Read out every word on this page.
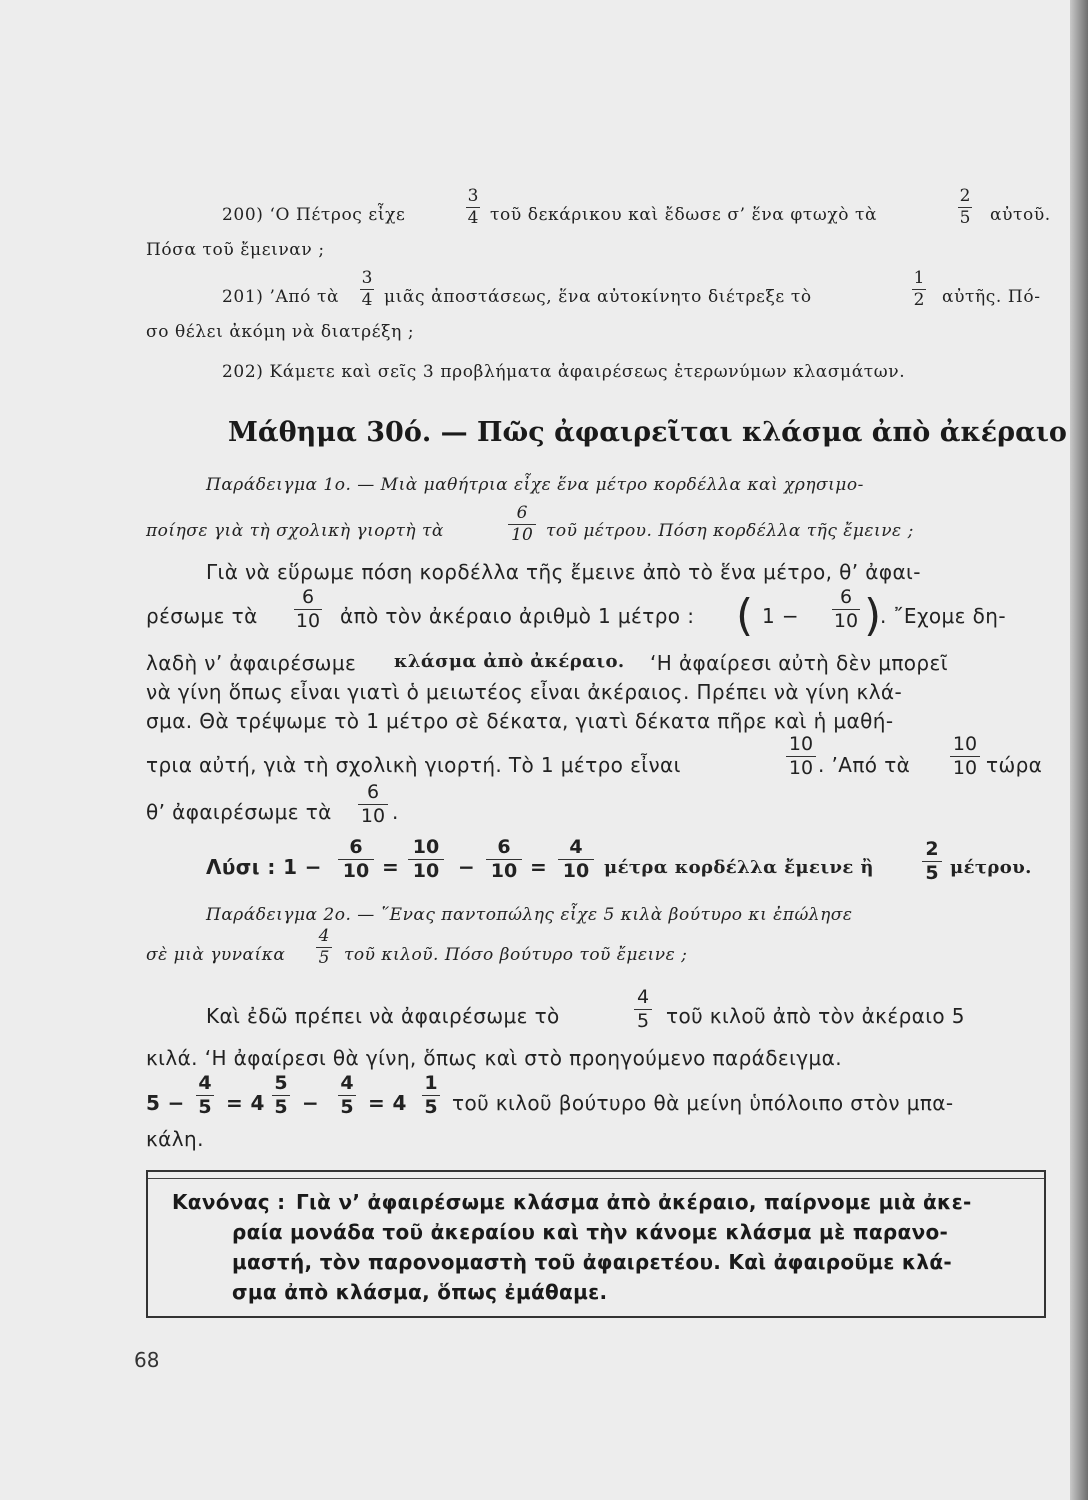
200) ‘Ο Πέτρος εἶχε
3
4 τοῦ δεκάρικου καὶ ἔδωσε σ’ ἕνα φτωχὸ τὰ
2
5 αὐτοῦ.
Πόσα τοῦ ἔμειναν ;
201) ’Από τὰ
3
4 μιᾶς ἀποστάσεως, ἕνα αὐτοκίνητο διέτρεξε τὸ
1
2 αὐτῆς. Πό-
σο θέλει ἀκόμη νὰ διατρέξη ;
202) Κάμετε καὶ σεῖς 3 προβλήματα ἀφαιρέσεως ἑτερωνύμων κλασμάτων.
Μάθημα 30ό. — Πῶς ἀφαιρεῖται κλάσμα ἀπὸ ἀκέραιο
Παράδειγμα 1ο. — Μιὰ μαθήτρια εἶχε ἕνα μέτρο κορδέλλα καὶ χρησιμο-
ποίησε γιὰ τὴ σχολικὴ γιορτὴ τὰ
6
10 τοῦ μέτρου. Πόση κορδέλλα τῆς ἔμεινε ;
Γιὰ νὰ εὕρωμε πόση κορδέλλα τῆς ἔμεινε ἀπὸ τὸ ἕνα μέτρο, θ’ ἀφαι-
ρέσωμε τὰ
6
10 ἀπὸ τὸν ἀκέραιο ἀριθμὸ 1 μέτρο : ( 1 −
6
10 )
. ῎Εχομε δη-
λαδὴ ν’ ἀφαιρέσωμε κλάσμα ἀπὸ ἀκέραιο. ‘Η ἀφαίρεσι αὐτὴ δὲν μπορεῖ
νὰ γίνη ὅπως εἶναι γιατὶ ὁ μειωτέος εἶναι ἀκέραιος. Πρέπει νὰ γίνη κλά-
σμα. Θὰ τρέψωμε τὸ 1 μέτρο σὲ δέκατα, γιατὶ δέκατα πῆρε καὶ ἡ μαθή-
τρια αὐτή, γιὰ τὴ σχολικὴ γιορτή. Τὸ 1 μέτρο εἶναι
10
10 . ’Από τὰ
10
10 τώρα
θ’ ἀφαιρέσωμε τὰ
6
10 .
Λύσι : 1 −
6
10 =
10
10 −
6
10 =
4
10 μέτρα κορδέλλα ἔμεινε ἢ
2
5 μέτρου.
Παράδειγμα 2ο. — ῞Ενας παντοπώλης εἶχε 5 κιλὰ βούτυρο κι ἐπώλησε
σὲ μιὰ γυναίκα
4
5 τοῦ κιλοῦ. Πόσο βούτυρο τοῦ ἔμεινε ;
Καὶ ἐδῶ πρέπει νὰ ἀφαιρέσωμε τὸ
4
5 τοῦ κιλοῦ ἀπὸ τὸν ἀκέραιο 5
κιλά. ‘Η ἀφαίρεσι θὰ γίνη, ὅπως καὶ στὸ προηγούμενο παράδειγμα.
5 −
4
5 = 4
5
5 −
4
5 = 4
1
5 τοῦ κιλοῦ βούτυρο θὰ μείνη ὑπόλοιπο στὸν μπα-
κάλη.
Κανόνας : Γιὰ ν’ ἀφαιρέσωμε κλάσμα ἀπὸ ἀκέραιο, παίρνομε μιὰ ἀκε-
ραία μονάδα τοῦ ἀκεραίου καὶ τὴν κάνομε κλάσμα μὲ παρανο-
μαστή, τὸν παρονομαστὴ τοῦ ἀφαιρετέου. Καὶ ἀφαιροῦμε κλά-
σμα ἀπὸ κλάσμα, ὅπως ἐμάθαμε.
68
